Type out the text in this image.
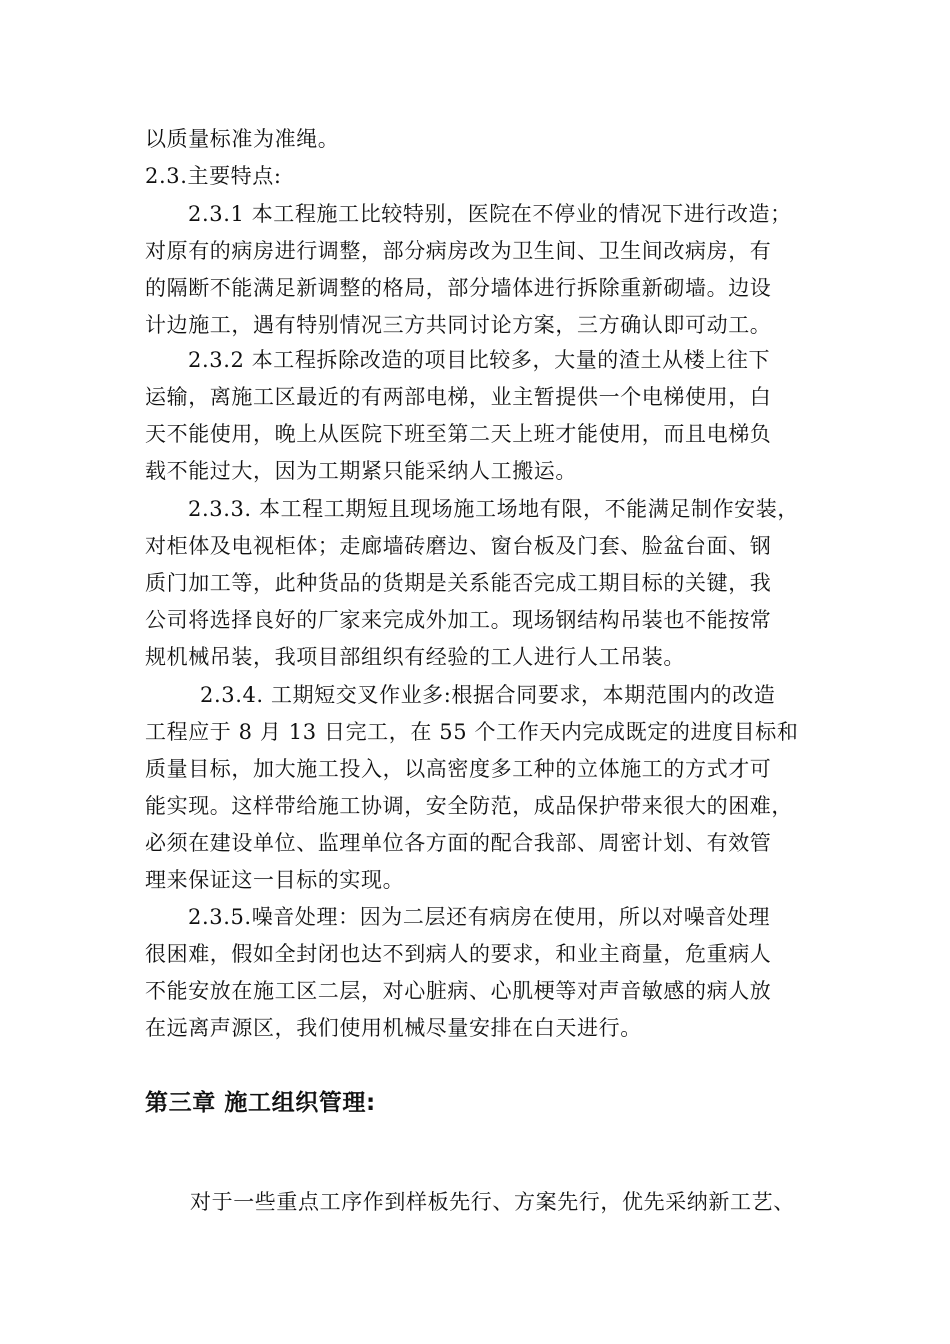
以质量标准为准绳。
2.3.主要特点:
2.3.1 本工程施工比较特别，医院在不停业的情况下进行改造；
对原有的病房进行调整，部分病房改为卫生间、卫生间改病房，有
的隔断不能满足新调整的格局，部分墙体进行拆除重新砌墙。边设
计边施工，遇有特别情况三方共同讨论方案，三方确认即可动工。
2.3.2 本工程拆除改造的项目比较多，大量的渣土从楼上往下
运输，离施工区最近的有两部电梯，业主暂提供一个电梯使用，白
天不能使用，晚上从医院下班至第二天上班才能使用，而且电梯负
载不能过大，因为工期紧只能采纳人工搬运。
2.3.3. 本工程工期短且现场施工场地有限，不能满足制作安装，
对柜体及电视柜体；走廊墙砖磨边、窗台板及门套、脸盆台面、钢
质门加工等，此种货品的货期是关系能否完成工期目标的关键，我
公司将选择良好的厂家来完成外加工。现场钢结构吊装也不能按常
规机械吊装，我项目部组织有经验的工人进行人工吊装。
2.3.4. 工期短交叉作业多:根据合同要求，本期范围内的改造
工程应于 8 月 13 日完工，在 55 个工作天内完成既定的进度目标和
质量目标，加大施工投入，以高密度多工种的立体施工的方式才可
能实现。这样带给施工协调，安全防范，成品保护带来很大的困难，
必须在建设单位、监理单位各方面的配合我部、周密计划、有效管
理来保证这一目标的实现。
2.3.5.噪音处理：因为二层还有病房在使用，所以对噪音处理
很困难，假如全封闭也达不到病人的要求，和业主商量，危重病人
不能安放在施工区二层，对心脏病、心肌梗等对声音敏感的病人放
在远离声源区，我们使用机械尽量安排在白天进行。
第三章 施工组织管理:
对于一些重点工序作到样板先行、方案先行，优先采纳新工艺、
